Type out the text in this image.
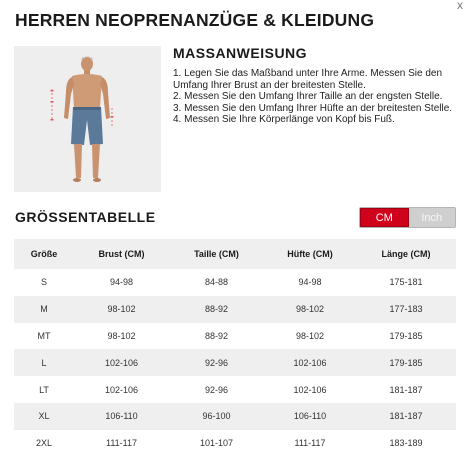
HERREN NEOPRENANZÜGE & KLEIDUNG
x
MASSANWEISUNG
1. Legen Sie das Maßband unter Ihre Arme. Messen Sie den Umfang Ihrer Brust an der breitesten Stelle.
2. Messen Sie den Umfang Ihrer Taille an der engsten Stelle.
3. Messen Sie den Umfang Ihrer Hüfte an der breitesten Stelle.
4. Messen Sie Ihre Körperlänge von Kopf bis Fuß.
GRÖSSENTABELLE	CM	Inch
Größe	Brust (CM)	Taille (CM)	Hüfte (CM)	Länge (CM)
S	94-98	84-88	94-98	175-181
M	98-102	88-92	98-102	177-183
MT	98-102	88-92	98-102	179-185
L	102-106	92-96	102-106	179-185
LT	102-106	92-96	102-106	181-187
XL	106-110	96-100	106-110	181-187
2XL	111-117	101-107	111-117	183-189
